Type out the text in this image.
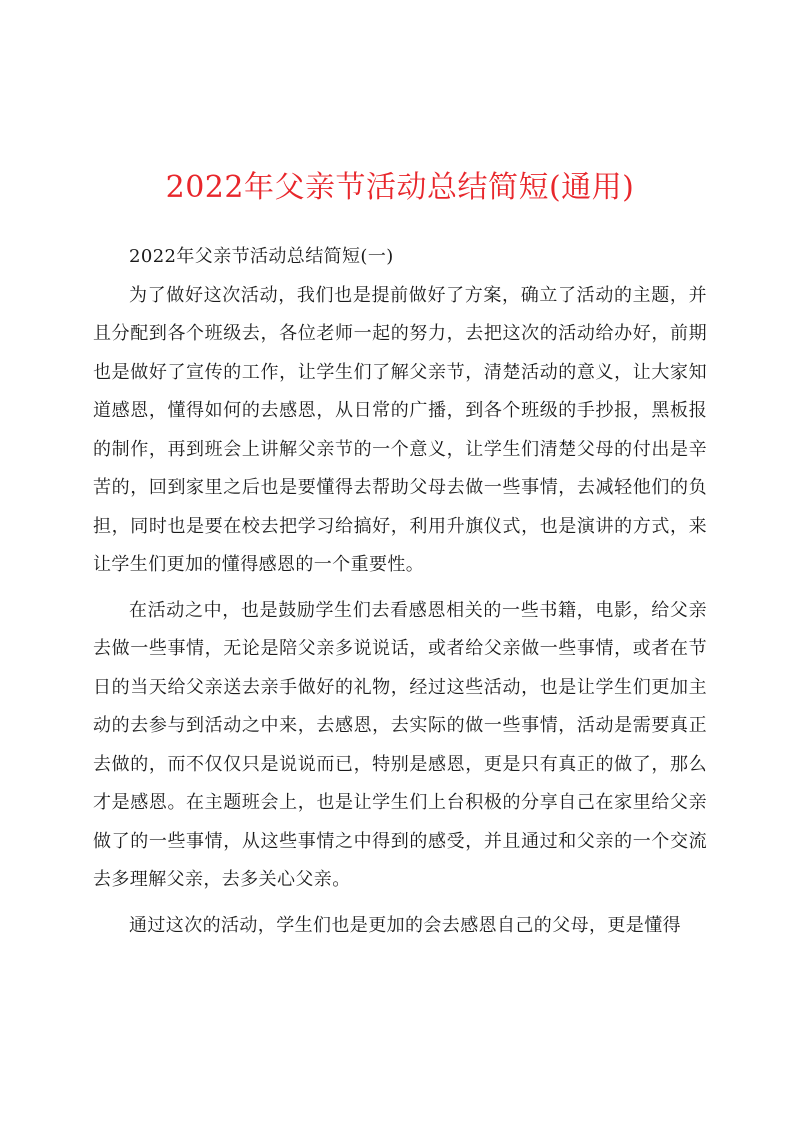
2022年父亲节活动总结简短(通用)

2022年父亲节活动总结简短(一)

为了做好这次活动，我们也是提前做好了方案，确立了活动的主题，并且分配到各个班级去，各位老师一起的努力，去把这次的活动给办好，前期也是做好了宣传的工作，让学生们了解父亲节，清楚活动的意义，让大家知道感恩，懂得如何的去感恩，从日常的广播，到各个班级的手抄报，黑板报的制作，再到班会上讲解父亲节的一个意义，让学生们清楚父母的付出是辛苦的，回到家里之后也是要懂得去帮助父母去做一些事情，去减轻他们的负担，同时也是要在校去把学习给搞好，利用升旗仪式，也是演讲的方式，来让学生们更加的懂得感恩的一个重要性。

在活动之中，也是鼓励学生们去看感恩相关的一些书籍，电影，给父亲去做一些事情，无论是陪父亲多说说话，或者给父亲做一些事情，或者在节日的当天给父亲送去亲手做好的礼物，经过这些活动，也是让学生们更加主动的去参与到活动之中来，去感恩，去实际的做一些事情，活动是需要真正去做的，而不仅仅只是说说而已，特别是感恩，更是只有真正的做了，那么才是感恩。在主题班会上，也是让学生们上台积极的分享自己在家里给父亲做了的一些事情，从这些事情之中得到的感受，并且通过和父亲的一个交流去多理解父亲，去多关心父亲。

通过这次的活动，学生们也是更加的会去感恩自己的父母，更是懂得
